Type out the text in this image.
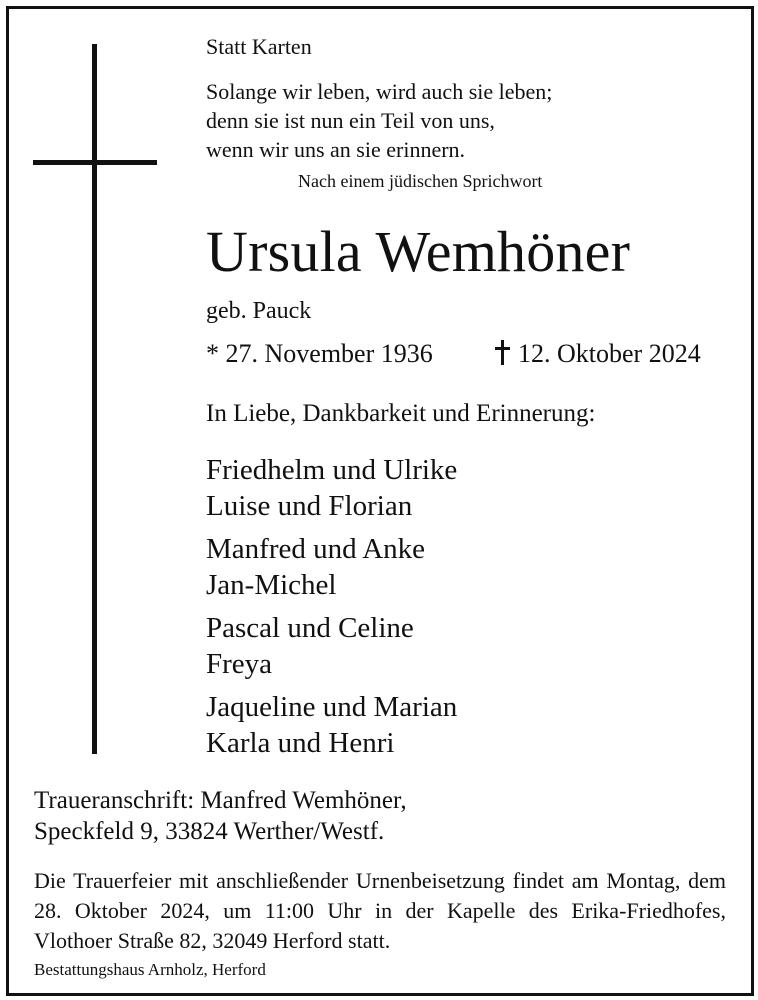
Statt Karten
Solange wir leben, wird auch sie leben;
denn sie ist nun ein Teil von uns,
wenn wir uns an sie erinnern.
Nach einem jüdischen Sprichwort
Ursula Wemhöner
geb. Pauck
* 27. November 1936	12. Oktober 2024
In Liebe, Dankbarkeit und Erinnerung:
Friedhelm und Ulrike
Luise und Florian
Manfred und Anke
Jan-Michel
Pascal und Celine
Freya
Jaqueline und Marian
Karla und Henri
Traueranschrift: Manfred Wemhöner,
Speckfeld 9, 33824 Werther/Westf.
Die Trauerfeier mit anschließender Urnenbeisetzung findet am Montag, dem 28. Oktober 2024, um 11:00 Uhr in der Kapelle des Erika-Friedhofes, Vlothoer Straße 82, 32049 Herford statt.
Bestattungshaus Arnholz, Herford
